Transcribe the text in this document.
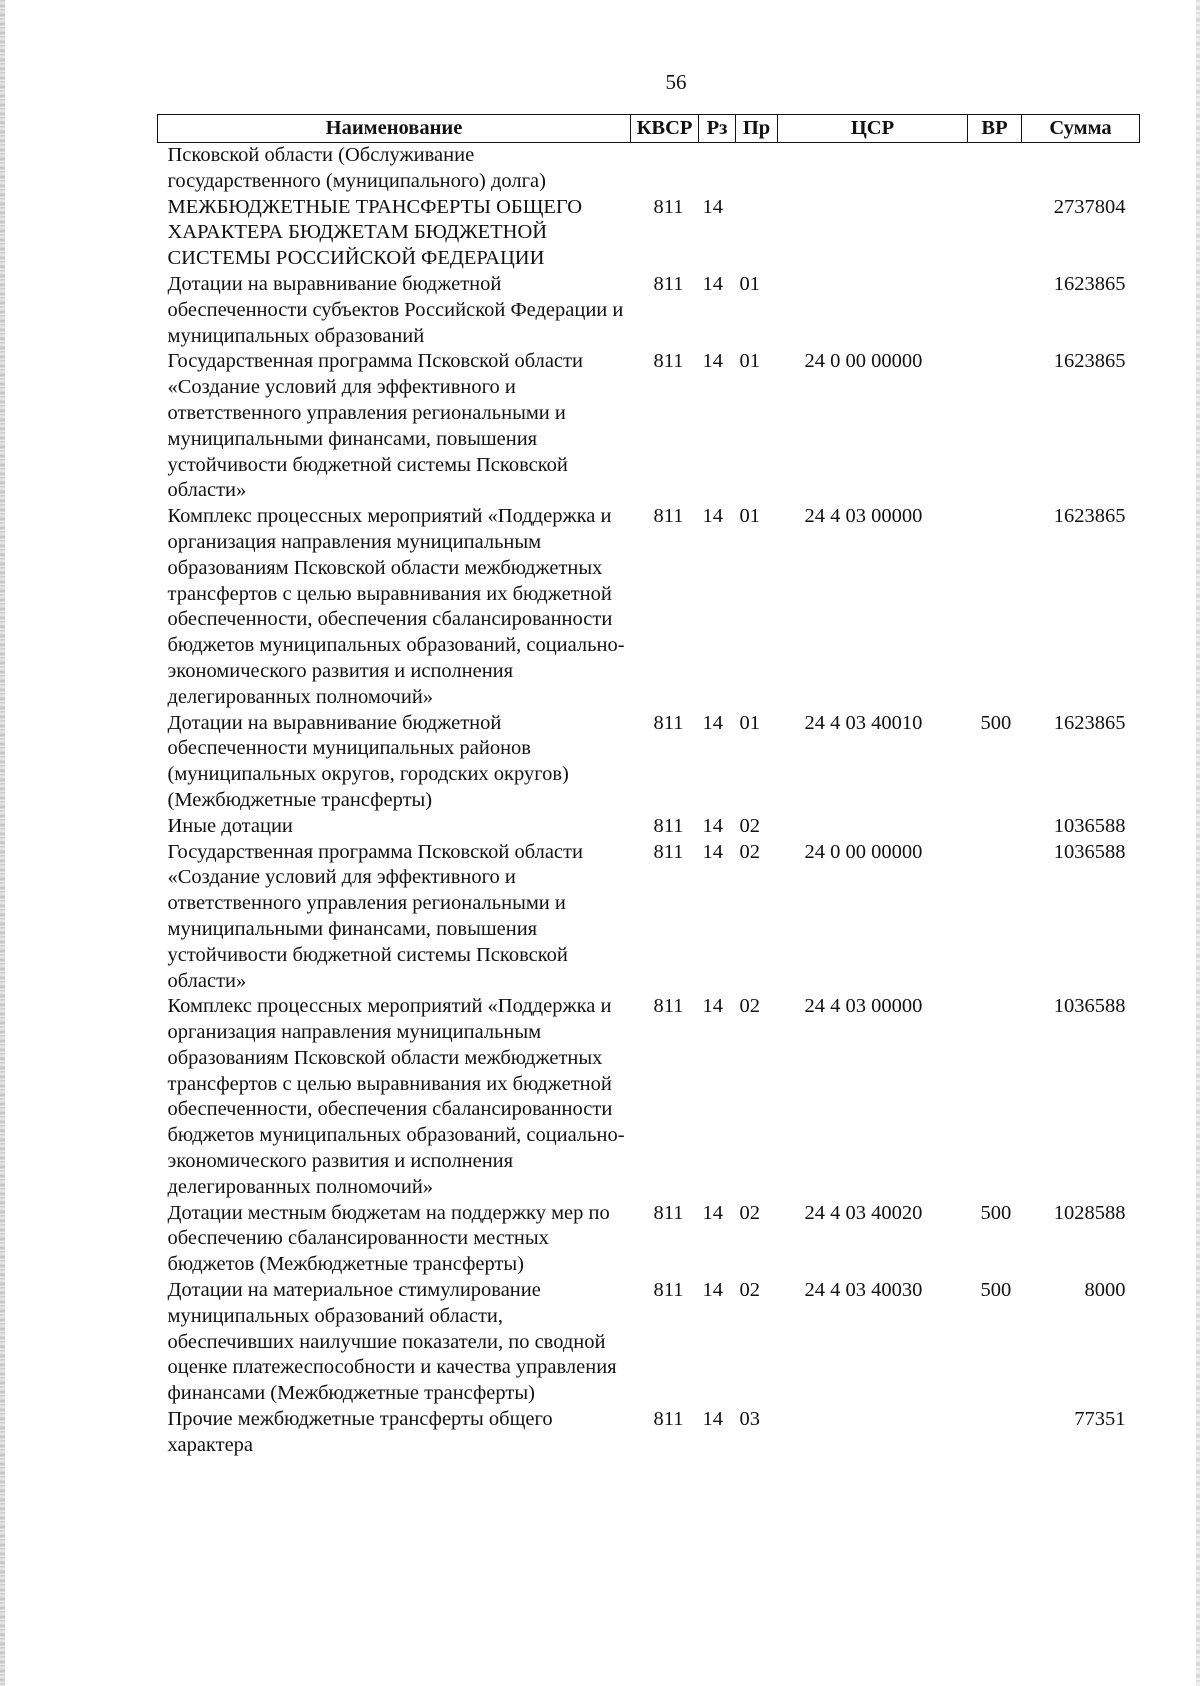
56
Наименование	КВСР	Рз	Пр	ЦСР	ВР	Сумма
Псковской области (Обслуживание государственного (муниципального) долга)						
МЕЖБЮДЖЕТНЫЕ ТРАНСФЕРТЫ ОБЩЕГО ХАРАКТЕРА БЮДЖЕТАМ БЮДЖЕТНОЙ СИСТЕМЫ РОССИЙСКОЙ ФЕДЕРАЦИИ	811	14				2737804
Дотации на выравнивание бюджетной обеспеченности субъектов Российской Федерации и муниципальных образований	811	14	01			1623865
Государственная программа Псковской области «Создание условий для эффективного и ответственного управления региональными и муниципальными финансами, повышения устойчивости бюджетной системы Псковской области»	811	14	01	24 0 00 00000		1623865
Комплекс процессных мероприятий «Поддержка и организация направления муниципальным образованиям Псковской области межбюджетных трансфертов с целью выравнивания их бюджетной обеспеченности, обеспечения сбалансированности бюджетов муниципальных образований, социально-экономического развития и исполнения делегированных полномочий»	811	14	01	24 4 03 00000		1623865
Дотации на выравнивание бюджетной обеспеченности муниципальных районов (муниципальных округов, городских округов) (Межбюджетные трансферты)	811	14	01	24 4 03 40010	500	1623865
Иные дотации	811	14	02			1036588
Государственная программа Псковской области «Создание условий для эффективного и ответственного управления региональными и муниципальными финансами, повышения устойчивости бюджетной системы Псковской области»	811	14	02	24 0 00 00000		1036588
Комплекс процессных мероприятий «Поддержка и организация направления муниципальным образованиям Псковской области межбюджетных трансфертов с целью выравнивания их бюджетной обеспеченности, обеспечения сбалансированности бюджетов муниципальных образований, социально-экономического развития и исполнения делегированных полномочий»	811	14	02	24 4 03 00000		1036588
Дотации местным бюджетам на поддержку мер по обеспечению сбалансированности местных бюджетов (Межбюджетные трансферты)	811	14	02	24 4 03 40020	500	1028588
Дотации на материальное стимулирование муниципальных образований области, обеспечивших наилучшие показатели, по сводной оценке платежеспособности и качества управления финансами (Межбюджетные трансферты)	811	14	02	24 4 03 40030	500	8000
Прочие межбюджетные трансферты общего характера	811	14	03			77351
